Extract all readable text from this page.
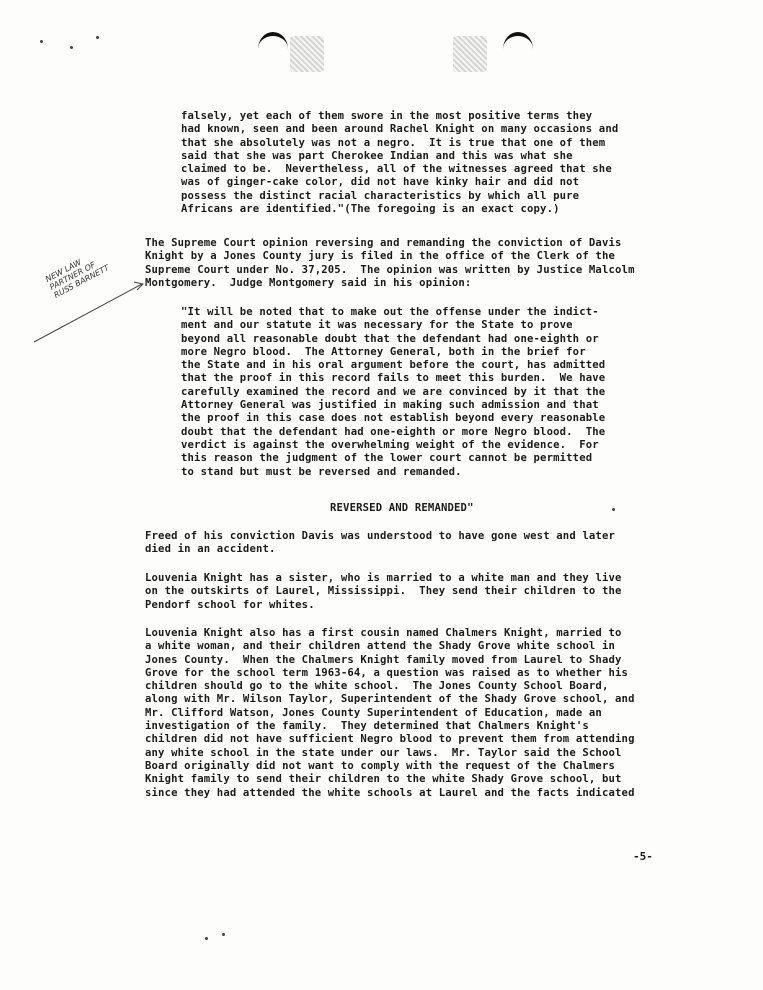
NEW LAW
PARTNER OF
RUSS BARNETT

falsely, yet each of them swore in the most positive terms they
had known, seen and been around Rachel Knight on many occasions and
that she absolutely was not a negro.  It is true that one of them
said that she was part Cherokee Indian and this was what she
claimed to be.  Nevertheless, all of the witnesses agreed that she
was of ginger-cake color, did not have kinky hair and did not
possess the distinct racial characteristics by which all pure
Africans are identified."(The foregoing is an exact copy.)

The Supreme Court opinion reversing and remanding the conviction of Davis
Knight by a Jones County jury is filed in the office of the Clerk of the
Supreme Court under No. 37,205.  The opinion was written by Justice Malcolm
Montgomery.  Judge Montgomery said in his opinion:

"It will be noted that to make out the offense under the indict-
ment and our statute it was necessary for the State to prove
beyond all reasonable doubt that the defendant had one-eighth or
more Negro blood.  The Attorney General, both in the brief for
the State and in his oral argument before the court, has admitted
that the proof in this record fails to meet this burden.  We have
carefully examined the record and we are convinced by it that the
Attorney General was justified in making such admission and that
the proof in this case does not establish beyond every reasonable
doubt that the defendant had one-eighth or more Negro blood.  The
verdict is against the overwhelming weight of the evidence.  For
this reason the judgment of the lower court cannot be permitted
to stand but must be reversed and remanded.

REVERSED AND REMANDED"

Freed of his conviction Davis was understood to have gone west and later
died in an accident.

Louvenia Knight has a sister, who is married to a white man and they live
on the outskirts of Laurel, Mississippi.  They send their children to the
Pendorf school for whites.

Louvenia Knight also has a first cousin named Chalmers Knight, married to
a white woman, and their children attend the Shady Grove white school in
Jones County.  When the Chalmers Knight family moved from Laurel to Shady
Grove for the school term 1963-64, a question was raised as to whether his
children should go to the white school.  The Jones County School Board,
along with Mr. Wilson Taylor, Superintendent of the Shady Grove school, and
Mr. Clifford Watson, Jones County Superintendent of Education, made an
investigation of the family.  They determined that Chalmers Knight's
children did not have sufficient Negro blood to prevent them from attending
any white school in the state under our laws.  Mr. Taylor said the School
Board originally did not want to comply with the request of the Chalmers
Knight family to send their children to the white Shady Grove school, but
since they had attended the white schools at Laurel and the facts indicated

-5-
